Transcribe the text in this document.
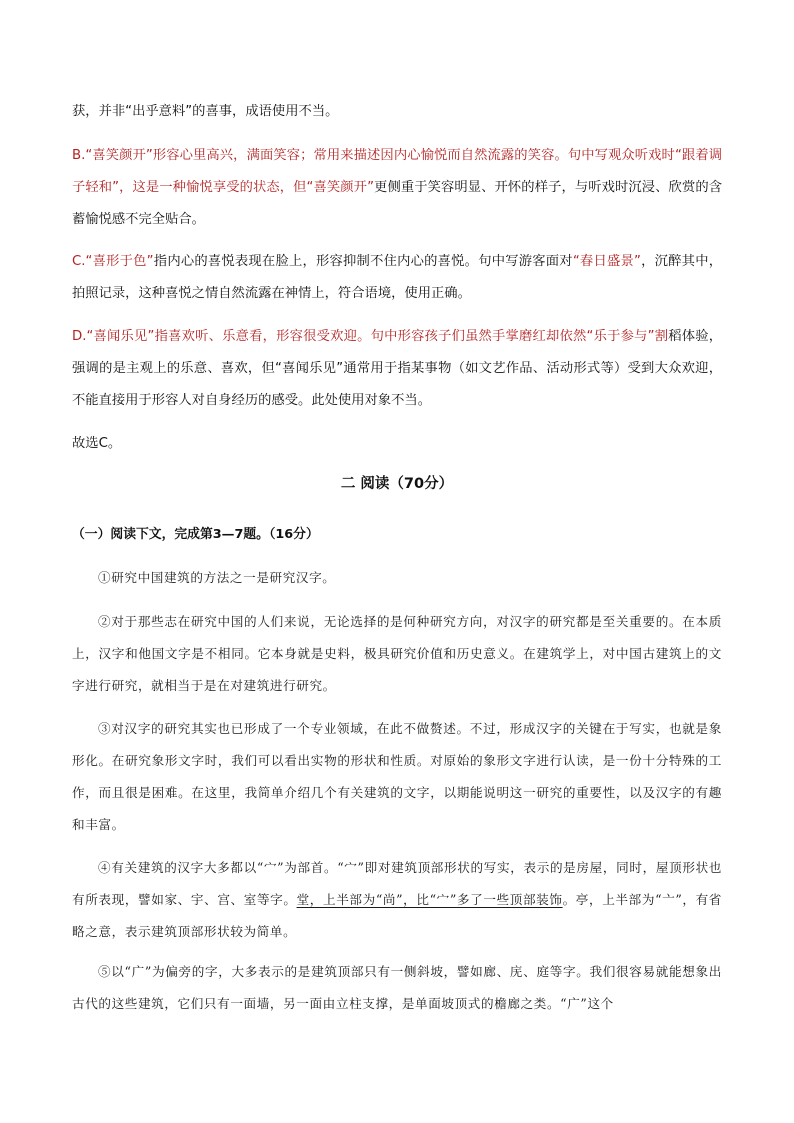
获，并非“出乎意料”的喜事，成语使用不当。

B.“喜笑颜开”形容心里高兴，满面笑容；常用来描述因内心愉悦而自然流露的笑容。句中写观众听戏时“跟着调子轻和”，这是一种愉悦享受的状态，但“喜笑颜开”更侧重于笑容明显、开怀的样子，与听戏时沉浸、欣赏的含蓄愉悦感不完全贴合。

C.“喜形于色”指内心的喜悦表现在脸上，形容抑制不住内心的喜悦。句中写游客面对“春日盛景”，沉醉其中，拍照记录，这种喜悦之情自然流露在神情上，符合语境，使用正确。

D.“喜闻乐见”指喜欢听、乐意看，形容很受欢迎。句中形容孩子们虽然手掌磨红却依然“乐于参与”割稻体验，强调的是主观上的乐意、喜欢，但“喜闻乐见”通常用于指某事物（如文艺作品、活动形式等）受到大众欢迎，不能直接用于形容人对自身经历的感受。此处使用对象不当。

故选C。

二 阅读（70分）

（一）阅读下文，完成第3—7题。（16分）

①研究中国建筑的方法之一是研究汉字。

②对于那些志在研究中国的人们来说，无论选择的是何种研究方向，对汉字的研究都是至关重要的。在本质上，汉字和他国文字是不相同。它本身就是史料，极具研究价值和历史意义。在建筑学上，对中国古建筑上的文字进行研究，就相当于是在对建筑进行研究。

③对汉字的研究其实也已形成了一个专业领域，在此不做赘述。不过，形成汉字的关键在于写实，也就是象形化。在研究象形文字时，我们可以看出实物的形状和性质。对原始的象形文字进行认读，是一份十分特殊的工作，而且很是困难。在这里，我简单介绍几个有关建筑的文字，以期能说明这一研究的重要性，以及汉字的有趣和丰富。

④有关建筑的汉字大多都以“宀”为部首。“宀”即对建筑顶部形状的写实，表示的是房屋，同时，屋顶形状也有所表现，譬如家、宇、宫、室等字。堂，上半部为“尚”，比“宀”多了一些顶部装饰。亭，上半部为“亠”，有省略之意，表示建筑顶部形状较为简单。

⑤以“广”为偏旁的字，大多表示的是建筑顶部只有一侧斜坡，譬如廊、庑、庭等字。我们很容易就能想象出古代的这些建筑，它们只有一面墙，另一面由立柱支撑，是单面坡顶式的檐廊之类。“广”这个
